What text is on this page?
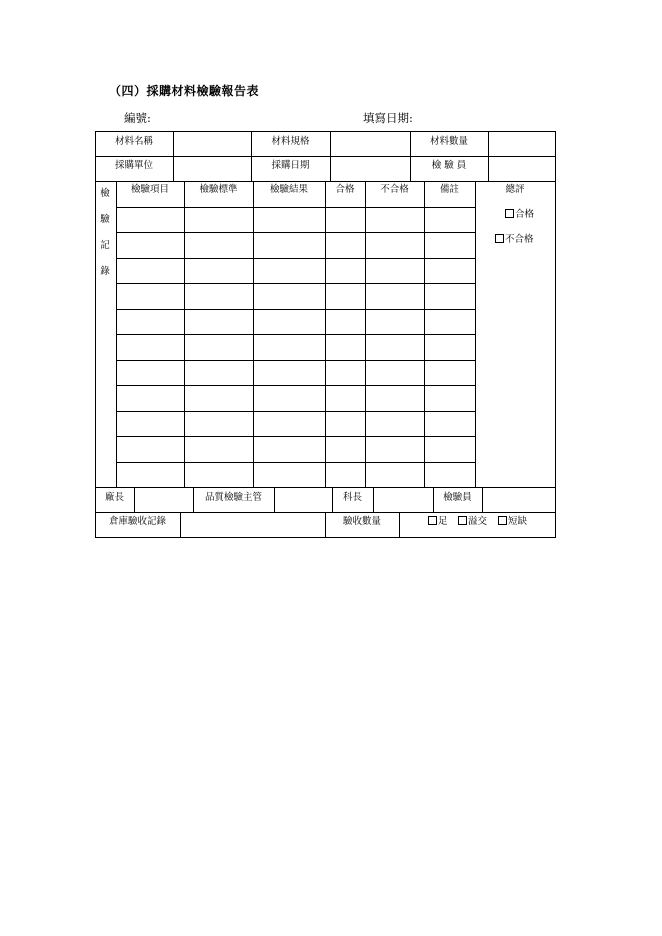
（四）採購材料檢驗報告表
編號:	填寫日期:
材料名稱	材料規格	材料數量
採購單位	採購日期	檢 驗 員
檢
驗
記
錄
檢驗項目	檢驗標準	檢驗結果	合格	不合格	備註	總評
合格
不合格
廠長	品質檢驗主管	科長	檢驗員
倉庫驗收記錄	驗收數量	足	溢交	短缺
